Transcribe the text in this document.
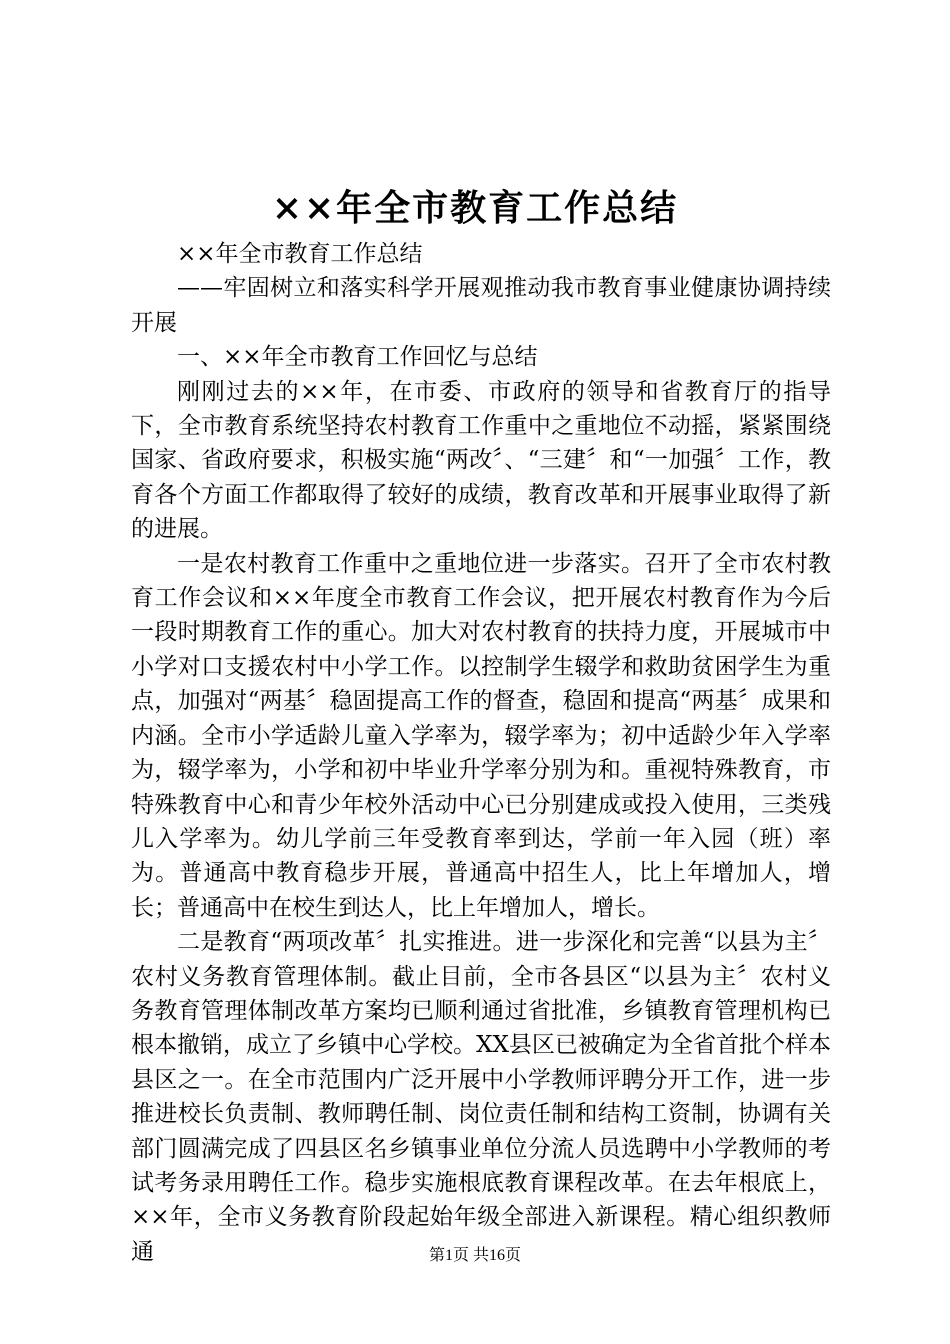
××年全市教育工作总结

××年全市教育工作总结

——牢固树立和落实科学开展观推动我市教育事业健康协调持续开展

一、××年全市教育工作回忆与总结

刚刚过去的××年，在市委、市政府的领导和省教育厅的指导下，全市教育系统坚持农村教育工作重中之重地位不动摇，紧紧围绕国家、省政府要求，积极实施“两改〞、“三建〞和“一加强〞工作，教育各个方面工作都取得了较好的成绩，教育改革和开展事业取得了新的进展。

一是农村教育工作重中之重地位进一步落实。召开了全市农村教育工作会议和××年度全市教育工作会议，把开展农村教育作为今后一段时期教育工作的重心。加大对农村教育的扶持力度，开展城市中小学对口支援农村中小学工作。以控制学生辍学和救助贫困学生为重点，加强对“两基〞稳固提高工作的督查，稳固和提高“两基〞成果和内涵。全市小学适龄儿童入学率为，辍学率为；初中适龄少年入学率为，辍学率为，小学和初中毕业升学率分别为和。重视特殊教育，市特殊教育中心和青少年校外活动中心已分别建成或投入使用，三类残儿入学率为。幼儿学前三年受教育率到达，学前一年入园（班）率为。普通高中教育稳步开展，普通高中招生人，比上年增加人，增长；普通高中在校生到达人，比上年增加人，增长。

二是教育“两项改革〞扎实推进。进一步深化和完善“以县为主〞农村义务教育管理体制。截止目前，全市各县区“以县为主〞农村义务教育管理体制改革方案均已顺利通过省批准，乡镇教育管理机构已根本撤销，成立了乡镇中心学校。XX县区已被确定为全省首批个样本县区之一。在全市范围内广泛开展中小学教师评聘分开工作，进一步推进校长负责制、教师聘任制、岗位责任制和结构工资制，协调有关部门圆满完成了四县区名乡镇事业单位分流人员选聘中小学教师的考试考务录用聘任工作。稳步实施根底教育课程改革。在去年根底上，××年，全市义务教育阶段起始年级全部进入新课程。精心组织教师通	第1页 共16页
